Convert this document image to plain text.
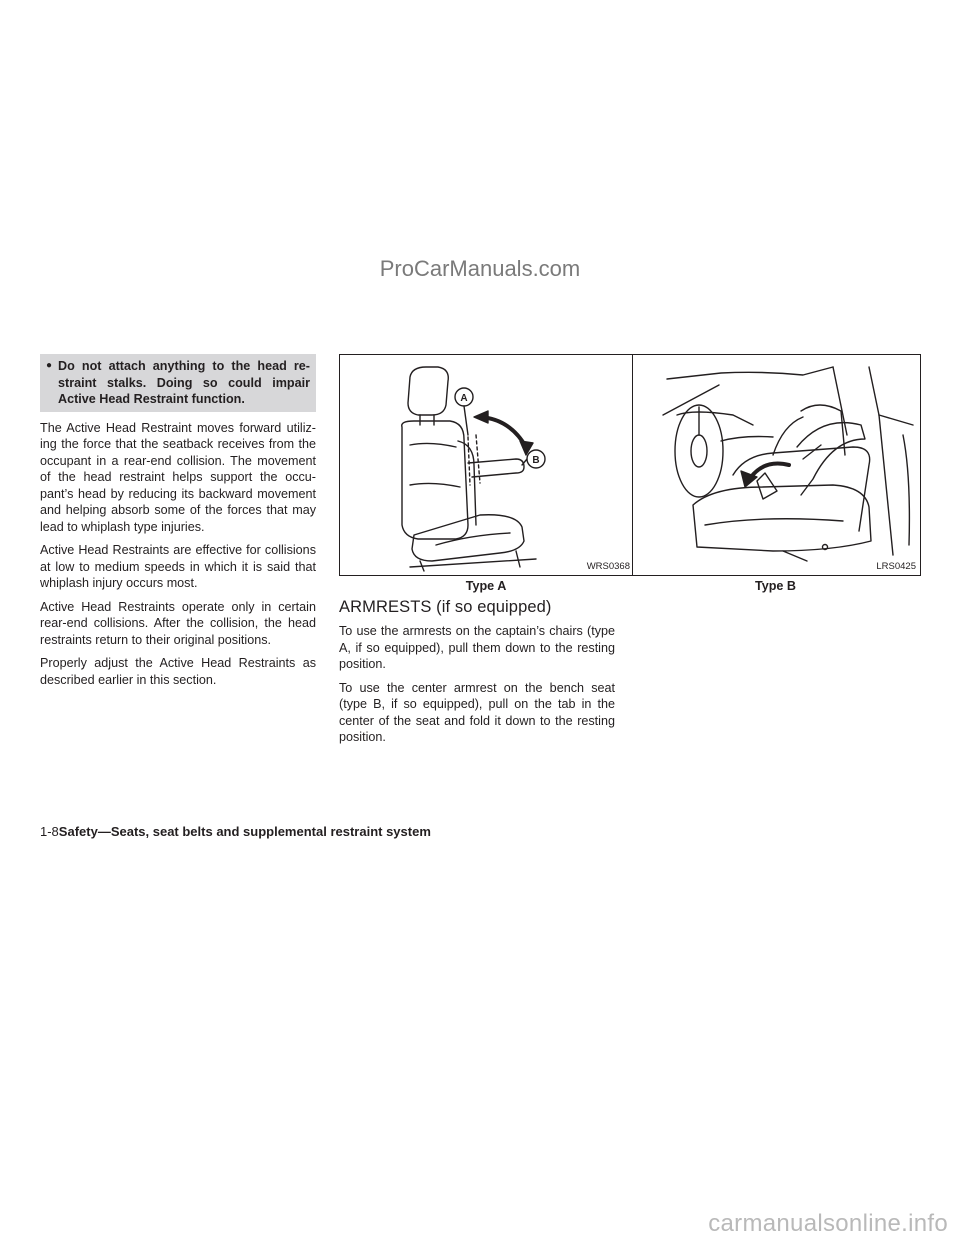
ProCarManuals.com
● Do not attach anything to the head re-straint stalks. Doing so could impair Active Head Restraint function.

The Active Head Restraint moves forward utiliz-ing the force that the seatback receives from the occupant in a rear-end collision. The movement of the head restraint helps support the occu-pant’s head by reducing its backward movement and helping absorb some of the forces that may lead to whiplash type injuries.

Active Head Restraints are effective for collisions at low to medium speeds in which it is said that whiplash injury occurs most.

Active Head Restraints operate only in certain rear-end collisions. After the collision, the head restraints return to their original positions.

Properly adjust the Active Head Restraints as described earlier in this section.

A
B
WRS0368	LRS0425
Type A	Type B
ARMRESTS (if so equipped)

To use the armrests on the captain’s chairs (type A, if so equipped), pull them down to the resting position.

To use the center armrest on the bench seat (type B, if so equipped), pull on the tab in the center of the seat and fold it down to the resting position.

1-8Safety—Seats, seat belts and supplemental restraint system
carmanualsonline.info
